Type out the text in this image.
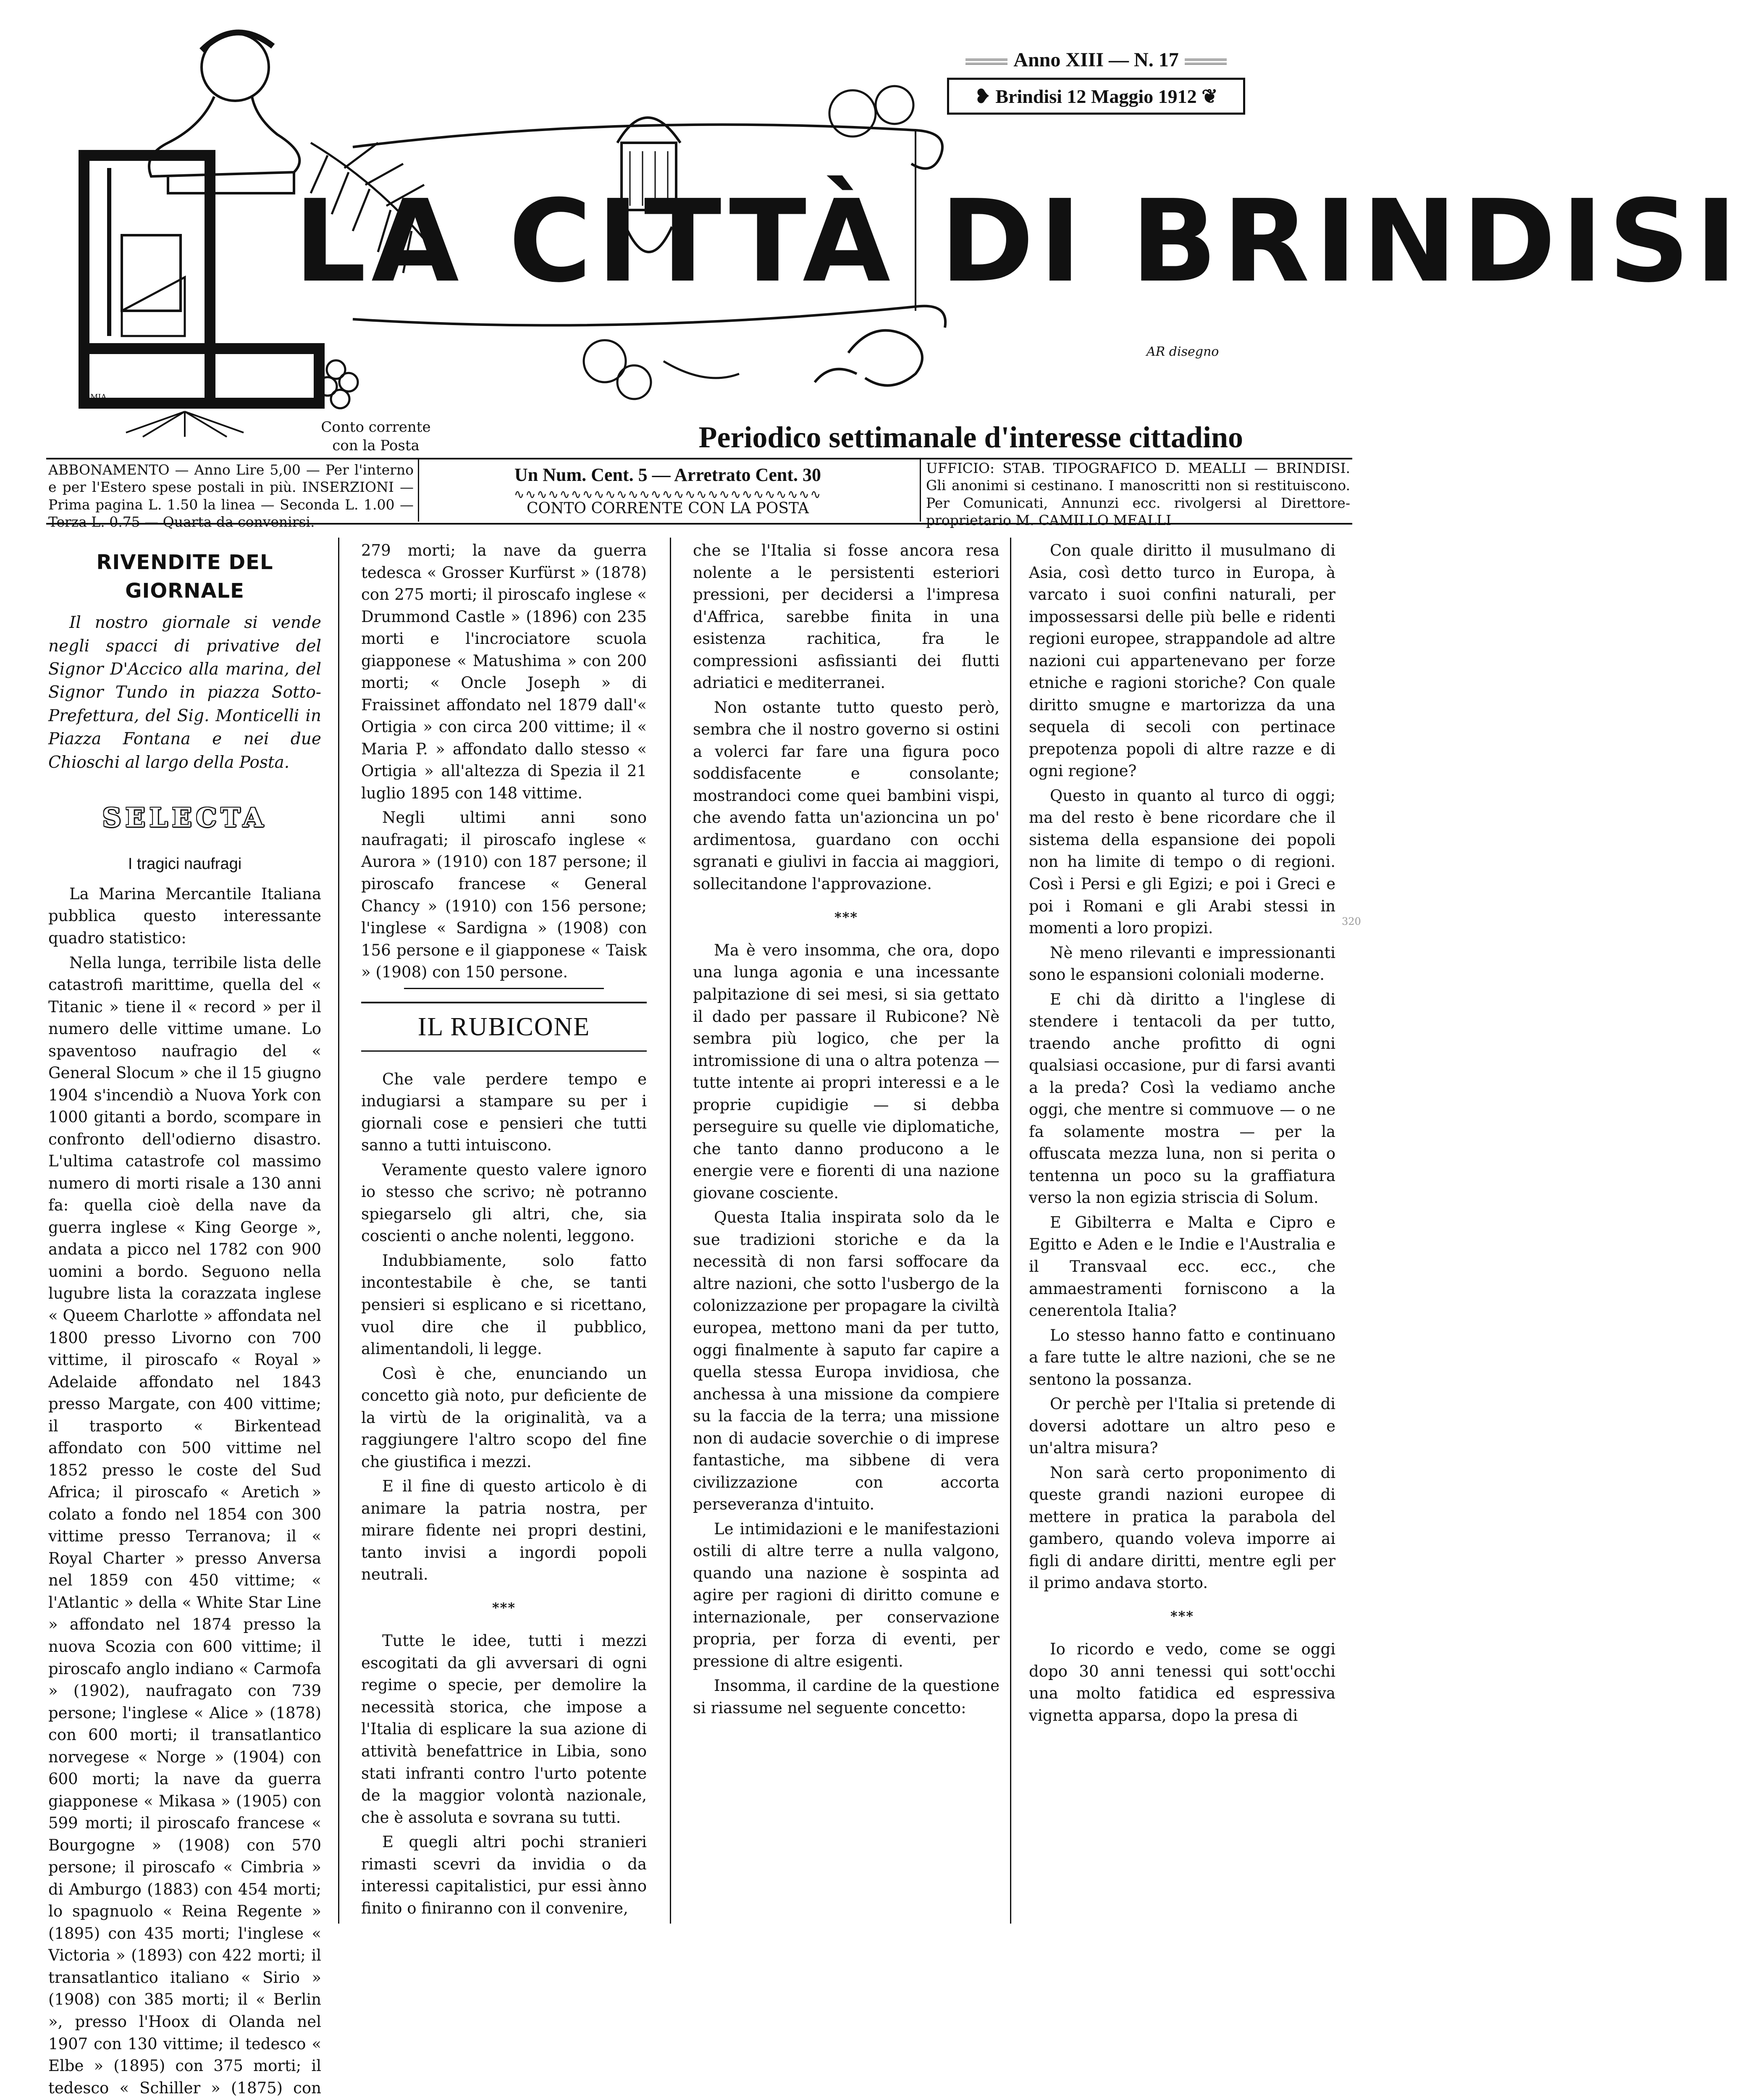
Anno XIII — N. 17
❥ Brindisi 12 Maggio 1912 ❦
LA CITTÀ DI BRINDISI
AR disegno
MIA
Conto corrente
con la Posta	Periodico settimanale d'interesse cittadino
ABBONAMENTO — Anno Lire 5,00 — Per l'interno e per l'Estero spese postali in più. INSERZIONI — Prima pagina L. 1.50 la linea — Seconda L. 1.00 — Terza L. 0.75 — Quarta da convenirsi.
Un Num. Cent. 5 — Arretrato Cent. 30
∿∿∿∿∿∿∿∿∿∿∿∿∿∿∿∿∿∿∿∿∿∿∿∿∿∿∿
CONTO CORRENTE CON LA POSTA
UFFICIO: STAB. TIPOGRAFICO D. MEALLI — BRINDISI. Gli anonimi si cestinano. I manoscritti non si restituiscono. Per Comunicati, Annunzi ecc. rivolgersi al Direttore-proprietario M. CAMILLO MEALLI
RIVENDITE DEL GIORNALE

Il nostro giornale si vende negli spacci di privative del Signor D'Accico alla marina, del Signor Tundo in piazza Sotto-Prefettura, del Sig. Monticelli in Piazza Fontana e nei due Chioschi al largo della Posta.

SELECTA
I tragici naufragi

La Marina Mercantile Italiana pubblica questo interessante quadro statistico:

Nella lunga, terribile lista delle catastrofi marittime, quella del « Titanic » tiene il « record » per il numero delle vittime umane. Lo spaventoso naufragio del « General Slocum » che il 15 giugno 1904 s'incendiò a Nuova York con 1000 gitanti a bordo, scompare in confronto dell'odierno disastro. L'ultima catastrofe col massimo numero di morti risale a 130 anni fa: quella cioè della nave da guerra inglese « King George », andata a picco nel 1782 con 900 uomini a bordo. Seguono nella lugubre lista la corazzata inglese « Queem Charlotte » affondata nel 1800 presso Livorno con 700 vittime, il piroscafo « Royal » Adelaide affondato nel 1843 presso Margate, con 400 vittime; il trasporto « Birkentead affondato con 500 vittime nel 1852 presso le coste del Sud Africa; il piroscafo « Aretich » colato a fondo nel 1854 con 300 vittime presso Terranova; il « Royal Charter » presso Anversa nel 1859 con 450 vittime; « l'Atlantic » della « White Star Line » affondato nel 1874 presso la nuova Scozia con 600 vittime; il piroscafo anglo indiano « Carmofa » (1902), naufragato con 739 persone; l'inglese « Alice » (1878) con 600 morti; il transatlantico norvegese « Norge » (1904) con 600 morti; la nave da guerra giapponese « Mikasa » (1905) con 599 morti; il piroscafo francese « Bourgogne » (1908) con 570 persone; il piroscafo « Cimbria » di Amburgo (1883) con 454 morti; lo spagnuolo « Reina Regente » (1895) con 435 morti; l'inglese « Victoria » (1893) con 422 morti; il transatlantico italiano « Sirio » (1908) con 385 morti; il « Berlin », presso l'Hoox di Olanda nel 1907 con 130 vittime; il tedesco « Elbe » (1895) con 375 morti; il tedesco « Schiller » (1875) con

279 morti; la nave da guerra tedesca « Grosser Kurfürst » (1878) con 275 morti; il piroscafo inglese « Drummond Castle » (1896) con 235 morti e l'incrociatore scuola giapponese « Matushima » con 200 morti; « Oncle Joseph » di Fraissinet affondato nel 1879 dall'« Ortigia » con circa 200 vittime; il « Maria P. » affondato dallo stesso « Ortigia » all'altezza di Spezia il 21 luglio 1895 con 148 vittime.

Negli ultimi anni sono naufragati; il piroscafo inglese « Aurora » (1910) con 187 persone; il piroscafo francese « General Chancy » (1910) con 156 persone; l'inglese « Sardigna » (1908) con 156 persone e il giapponese « Taisk » (1908) con 150 persone.

IL RUBICONE

Che vale perdere tempo e indugiarsi a stampare su per i giornali cose e pensieri che tutti sanno a tutti intuiscono.

Veramente questo valere ignoro io stesso che scrivo; nè potranno spiegarselo gli altri, che, sia coscienti o anche nolenti, leggono.

Indubbiamente, solo fatto incontestabile è che, se tanti pensieri si esplicano e si ricettano, vuol dire che il pubblico, alimentandoli, li legge.

Così è che, enunciando un concetto già noto, pur deficiente de la virtù de la originalità, va a raggiungere l'altro scopo del fine che giustifica i mezzi.

E il fine di questo articolo è di animare la patria nostra, per mirare fidente nei propri destini, tanto invisi a ingordi popoli neutrali.

***

Tutte le idee, tutti i mezzi escogitati da gli avversari di ogni regime o specie, per demolire la necessità storica, che impose a l'Italia di esplicare la sua azione di attività benefattrice in Libia, sono stati infranti contro l'urto potente de la maggior volontà nazionale, che è assoluta e sovrana su tutti.

E quegli altri pochi stranieri rimasti scevri da invidia o da interessi capitalistici, pur essi ànno finito o finiranno con il convenire,

che se l'Italia si fosse ancora resa nolente a le persistenti esteriori pressioni, per decidersi a l'impresa d'Affrica, sarebbe finita in una esistenza rachitica, fra le compressioni asfissianti dei flutti adriatici e mediterranei.

Non ostante tutto questo però, sembra che il nostro governo si ostini a volerci far fare una figura poco soddisfacente e consolante; mostrandoci come quei bambini vispi, che avendo fatta un'azioncina un po' ardimentosa, guardano con occhi sgranati e giulivi in faccia ai maggiori, sollecitandone l'approvazione.

***

Ma è vero insomma, che ora, dopo una lunga agonia e una incessante palpitazione di sei mesi, si sia gettato il dado per passare il Rubicone? Nè sembra più logico, che per la intromissione di una o altra potenza — tutte intente ai propri interessi e a le proprie cupidigie — si debba perseguire su quelle vie diplomatiche, che tanto danno producono a le energie vere e fiorenti di una nazione giovane cosciente.

Questa Italia inspirata solo da le sue tradizioni storiche e da la necessità di non farsi soffocare da altre nazioni, che sotto l'usbergo de la colonizzazione per propagare la civiltà europea, mettono mani da per tutto, oggi finalmente à saputo far capire a quella stessa Europa invidiosa, che anchessa à una missione da compiere su la faccia de la terra; una missione non di audacie soverchie o di imprese fantastiche, ma sibbene di vera civilizzazione con accorta perseveranza d'intuito.

Le intimidazioni e le manifestazioni ostili di altre terre a nulla valgono, quando una nazione è sospinta ad agire per ragioni di diritto comune e internazionale, per conservazione propria, per forza di eventi, per pressione di altre esigenti.

Insomma, il cardine de la questione si riassume nel seguente concetto:

Con quale diritto il musulmano di Asia, così detto turco in Europa, à varcato i suoi confini naturali, per impossessarsi delle più belle e ridenti regioni europee, strappandole ad altre nazioni cui appartenevano per forze etniche e ragioni storiche? Con quale diritto smugne e martorizza da una sequela di secoli con pertinace prepotenza popoli di altre razze e di ogni regione?

Questo in quanto al turco di oggi; ma del resto è bene ricordare che il sistema della espansione dei popoli non ha limite di tempo o di regioni. Così i Persi e gli Egizi; e poi i Greci e poi i Romani e gli Arabi stessi in momenti a loro propizi.

Nè meno rilevanti e impressionanti sono le espansioni coloniali moderne.

E chi dà diritto a l'inglese di stendere i tentacoli da per tutto, traendo anche profitto di ogni qualsiasi occasione, pur di farsi avanti a la preda? Così la vediamo anche oggi, che mentre si commuove — o ne fa solamente mostra — per la offuscata mezza luna, non si perita o tentenna un poco su la graffiatura verso la non egizia striscia di Solum.

E Gibilterra e Malta e Cipro e Egitto e Aden e le Indie e l'Australia e il Transvaal ecc. ecc., che ammaestramenti forniscono a la cenerentola Italia?

Lo stesso hanno fatto e continuano a fare tutte le altre nazioni, che se ne sentono la possanza.

Or perchè per l'Italia si pretende di doversi adottare un altro peso e un'altra misura?

Non sarà certo proponimento di queste grandi nazioni europee di mettere in pratica la parabola del gambero, quando voleva imporre ai figli di andare diritti, mentre egli per il primo andava storto.

***

Io ricordo e vedo, come se oggi dopo 30 anni tenessi qui sott'occhi una molto fatidica ed espressiva vignetta apparsa, dopo la presa di

320
